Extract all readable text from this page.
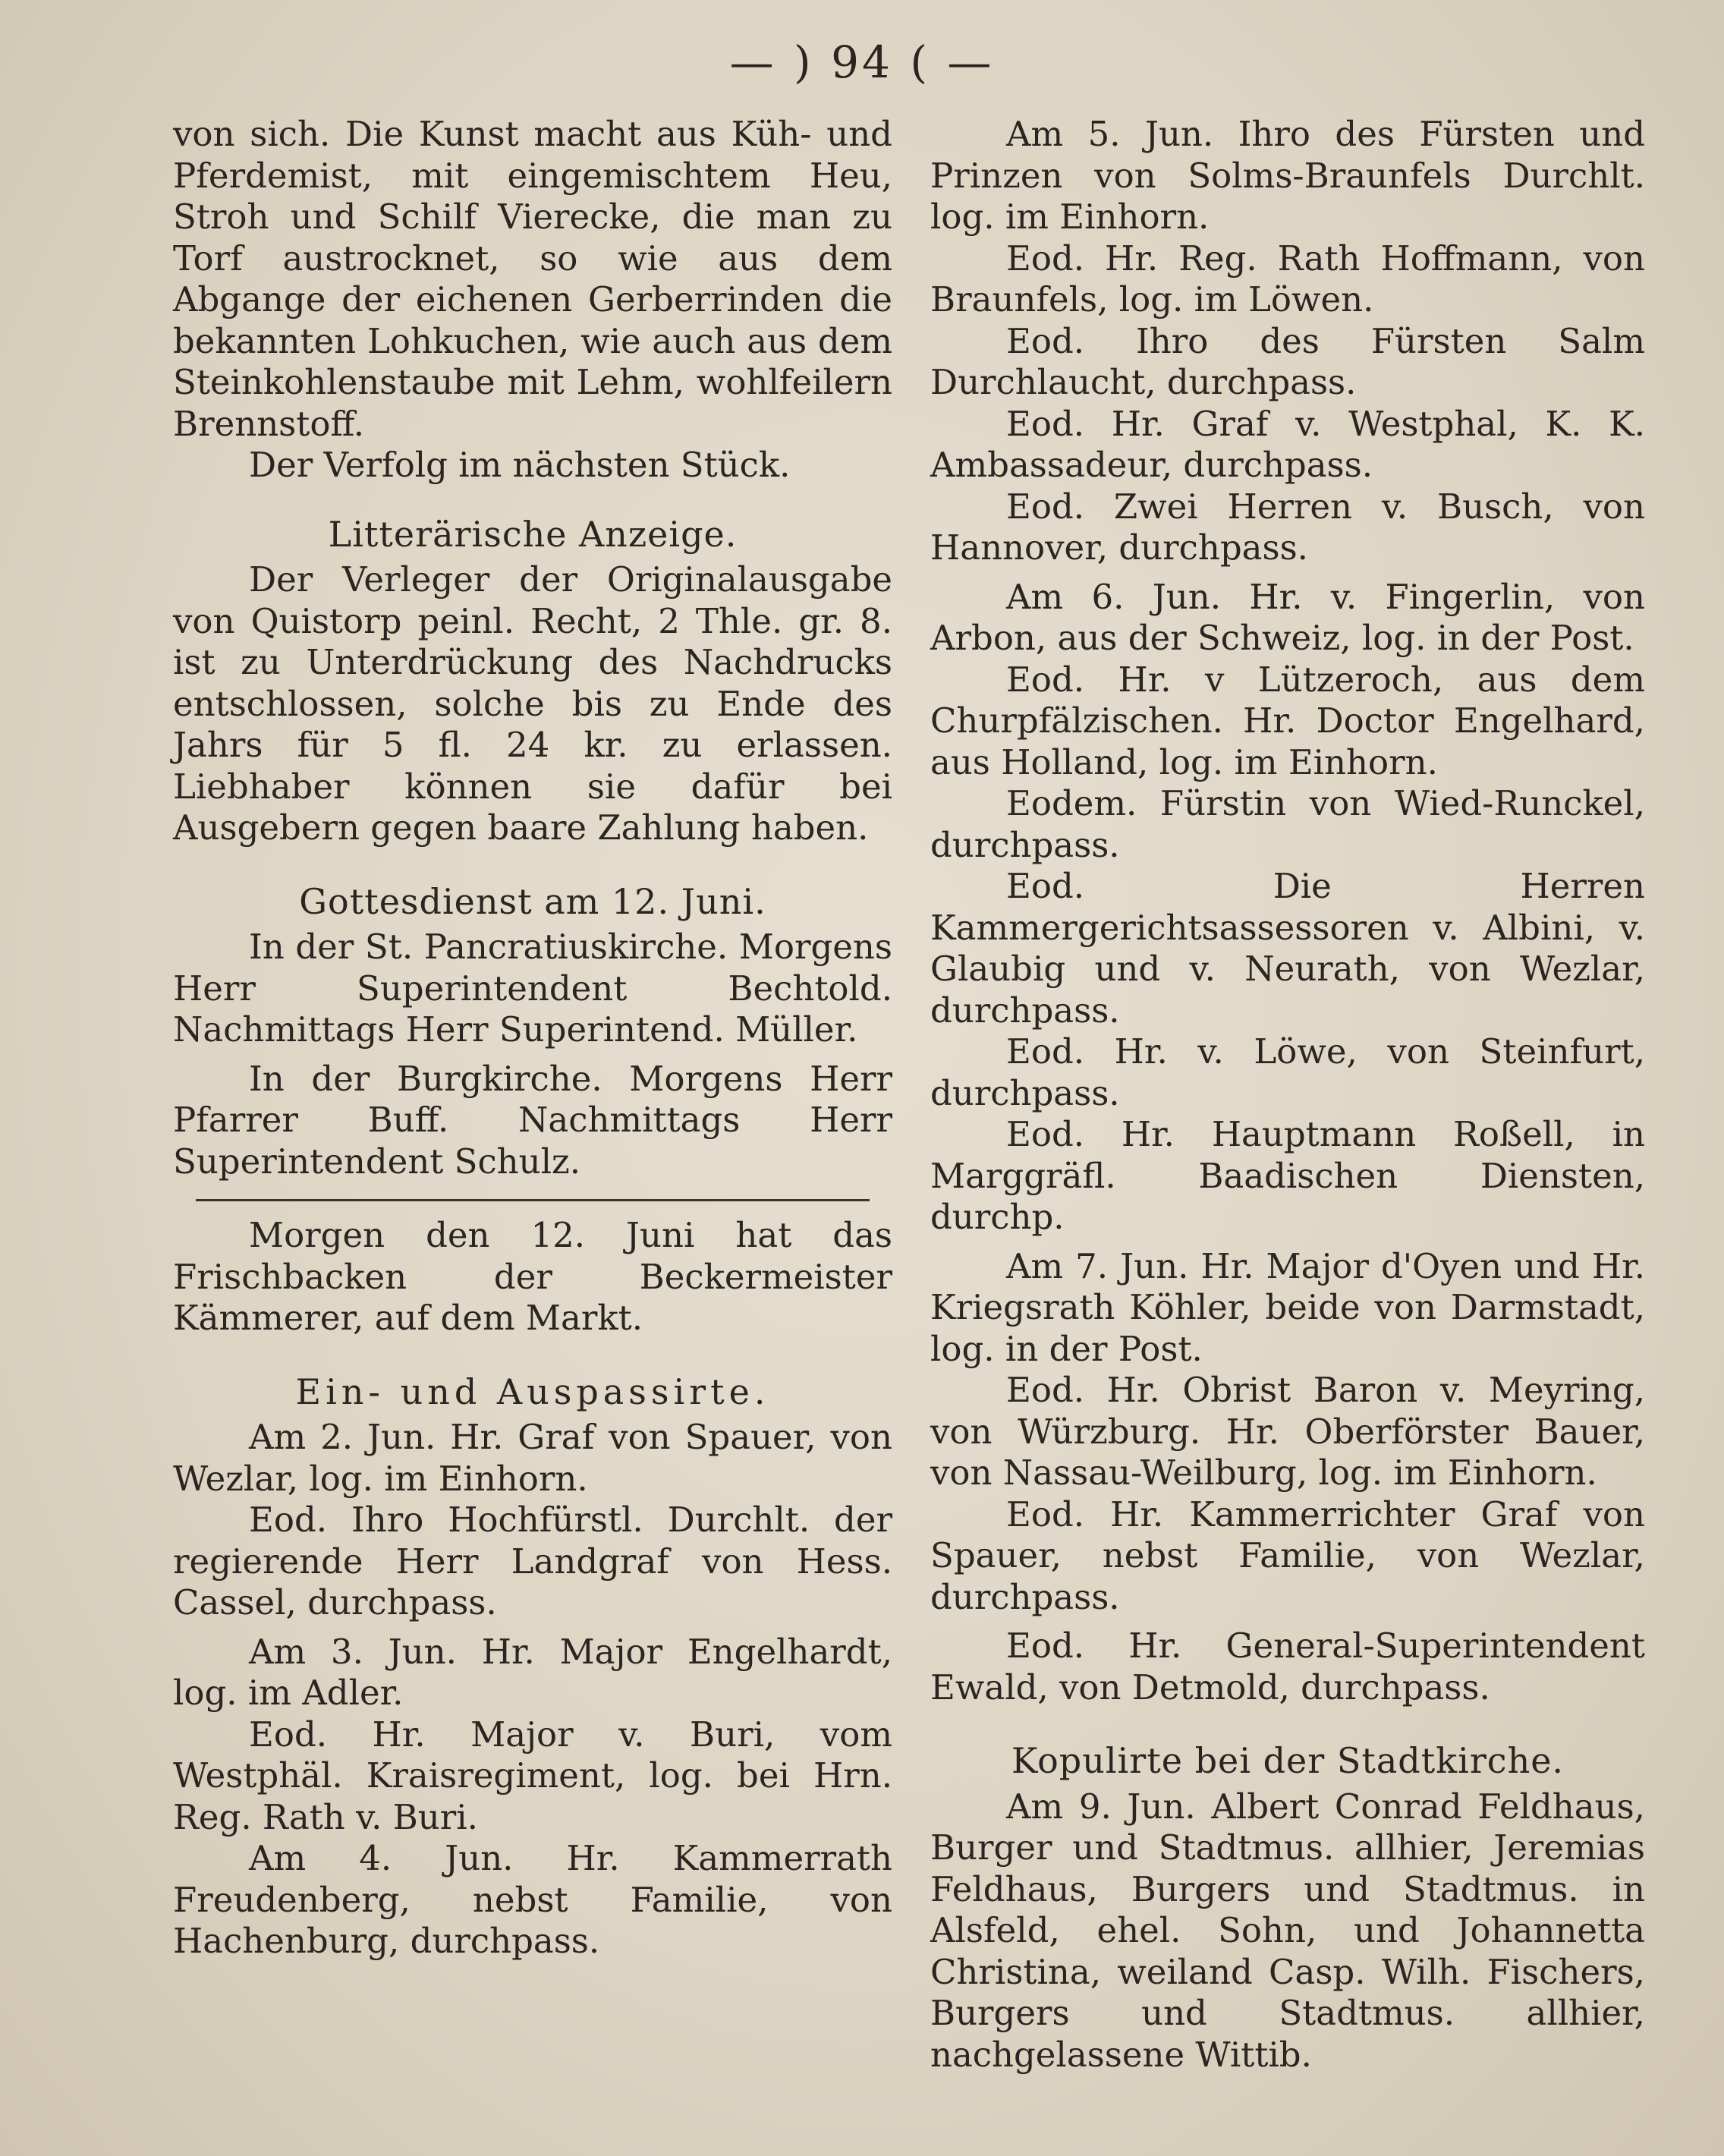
— ) 94 ( —

von sich. Die Kunst macht aus Küh- und Pferdemist, mit eingemischtem Heu, Stroh und Schilf Vierecke, die man zu Torf austrocknet, so wie aus dem Abgange der eichenen Gerberrinden die bekannten Lohkuchen, wie auch aus dem Steinkohlenstaube mit Lehm, wohlfeilern Brennstoff.

Der Verfolg im nächsten Stück.

Litterärische Anzeige.

Der Verleger der Originalausgabe von Quistorp peinl. Recht, 2 Thle. gr. 8. ist zu Unterdrückung des Nachdrucks entschlossen, solche bis zu Ende des Jahrs für 5 fl. 24 kr. zu erlassen. Liebhaber können sie dafür bei Ausgebern gegen baare Zahlung haben.

Gottesdienst am 12. Juni.

In der St. Pancratiuskirche. Morgens Herr Superintendent Bechtold. Nachmittags Herr Superintend. Müller.

In der Burgkirche. Morgens Herr Pfarrer Buff. Nachmittags Herr Superintendent Schulz.

Morgen den 12. Juni hat das Frischbacken der Beckermeister Kämmerer, auf dem Markt.

Ein- und Auspassirte.

Am 2. Jun. Hr. Graf von Spauer, von Wezlar, log. im Einhorn.

Eod. Ihro Hochfürstl. Durchlt. der regierende Herr Landgraf von Hess. Cassel, durchpass.

Am 3. Jun. Hr. Major Engelhardt, log. im Adler.

Eod. Hr. Major v. Buri, vom Westphäl. Kraisregiment, log. bei Hrn. Reg. Rath v. Buri.

Am 4. Jun. Hr. Kammerrath Freudenberg, nebst Familie, von Hachenburg, durchpass.

Am 5. Jun. Ihro des Fürsten und Prinzen von Solms-Braunfels Durchlt. log. im Einhorn.

Eod. Hr. Reg. Rath Hoffmann, von Braunfels, log. im Löwen.

Eod. Ihro des Fürsten Salm Durchlaucht, durchpass.

Eod. Hr. Graf v. Westphal, K. K. Ambassadeur, durchpass.

Eod. Zwei Herren v. Busch, von Hannover, durchpass.

Am 6. Jun. Hr. v. Fingerlin, von Arbon, aus der Schweiz, log. in der Post.

Eod. Hr. v Lützeroch, aus dem Churpfälzischen. Hr. Doctor Engelhard, aus Holland, log. im Einhorn.

Eodem. Fürstin von Wied-Runckel, durchpass.

Eod. Die Herren Kammergerichtsassessoren v. Albini, v. Glaubig und v. Neurath, von Wezlar, durchpass.

Eod. Hr. v. Löwe, von Steinfurt, durchpass.

Eod. Hr. Hauptmann Roßell, in Marggräfl. Baadischen Diensten, durchp.

Am 7. Jun. Hr. Major d'Oyen und Hr. Kriegsrath Köhler, beide von Darmstadt, log. in der Post.

Eod. Hr. Obrist Baron v. Meyring, von Würzburg. Hr. Oberförster Bauer, von Nassau-Weilburg, log. im Einhorn.

Eod. Hr. Kammerrichter Graf von Spauer, nebst Familie, von Wezlar, durchpass.

Eod. Hr. General-Superintendent Ewald, von Detmold, durchpass.

Kopulirte bei der Stadtkirche.

Am 9. Jun. Albert Conrad Feldhaus, Burger und Stadtmus. allhier, Jeremias Feldhaus, Burgers und Stadtmus. in Alsfeld, ehel. Sohn, und Johannetta Christina, weiland Casp. Wilh. Fischers, Burgers und Stadtmus. allhier, nachgelassene Wittib.
